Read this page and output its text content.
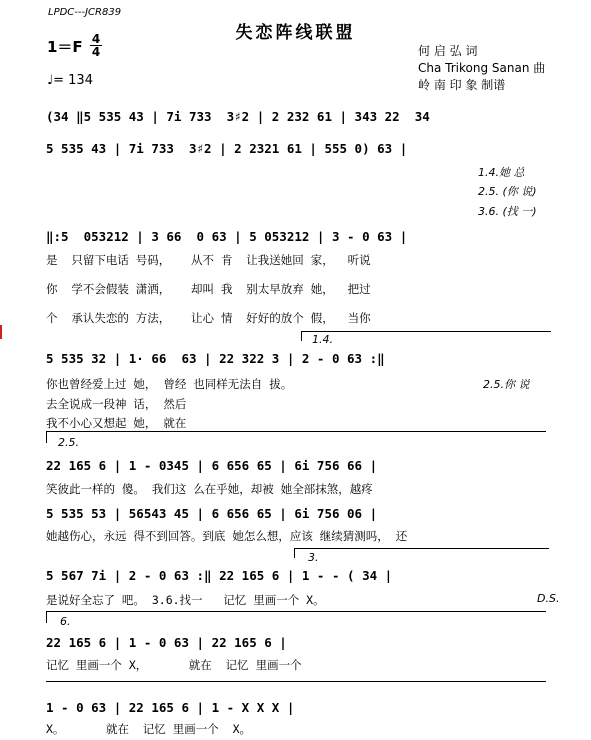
LPDC---JCR839
失恋阵线联盟
1＝F 4
4
♩= 134
何 启 弘 词
Cha Trikong Sanan 曲
岭 南 印 象 制谱
(34 ‖5 535 43 | 7i 733  3♯2 | 2 232 61 | 343 22  34
5 535 43 | 7i 733  3♯2 | 2 2321 61 | 555 0) 63 |
1.4.她 总
2.5. (你 说)
3.6. (找 一)
‖:5  053212 | 3 66  0 63 | 5 053212 | 3 - 0 63 |
是  只留下电话 号码，   从不 肯  让我送她回 家，  听说
你  学不会假装 潇洒，   却叫 我  别太早放弃 她，  把过
个  承认失恋的 方法，   让心 情  好好的放个 假，  当你
1.4.
5 535 32 | 1· 66  63 | 22 322 3 | 2 - 0 63 :‖
你也曾经爱上过 她， 曾经 也同样无法自 拔。	2.5.你 说
去全说成一段神 话， 然后
我不小心又想起 她， 就在
2.5.
22 165 6 | 1 - 0345 | 6 656 65 | 6i 756 66 |
笑彼此一样的 傻。 我们这 么在乎她，却被 她全部抹煞，越疼
5 535 53 | 56543 45 | 6 656 65 | 6i 756 06 |
她越伤心，永远 得不到回答。到底 她怎么想，应该 继续猜测吗， 还
3.
5 567 7i | 2 - 0 63 :‖ 22 165 6 | 1 - - ( 34 |
是说好全忘了 吧。 3.6.找一   记忆 里画一个 X。	D.S.
6.
22 165 6 | 1 - 0 63 | 22 165 6 |
记忆 里画一个 X，      就在  记忆 里画一个
1 - 0 63 | 22 165 6 | 1 - X X X |
X。      就在  记忆 里画一个  X。
